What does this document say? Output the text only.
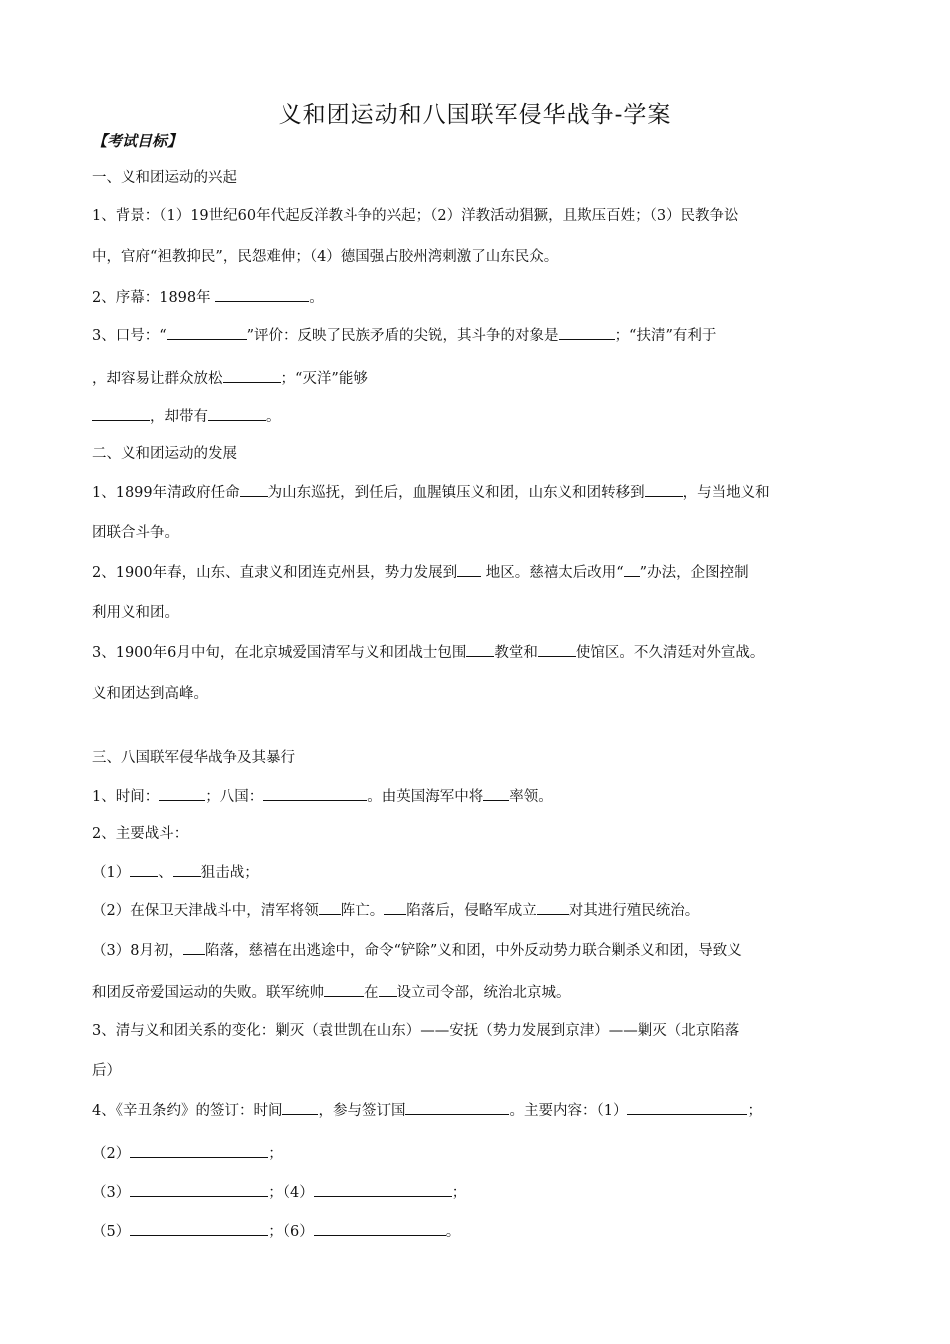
义和团运动和八国联军侵华战争-学案
【考试目标】
一、义和团运动的兴起
1、背景：（1）19世纪60年代起反洋教斗争的兴起；（2）洋教活动猖獗，且欺压百姓；（3）民教争讼
中，官府“袒教抑民”，民怨难伸；（4）德国强占胶州湾刺激了山东民众。
2、序幕：1898年	。
3、口号：“	”评价：反映了民族矛盾的尖锐，其斗争的对象是	；“扶清”有利于
，却容易让群众放松	；“灭洋”能够
，却带有	。
二、义和团运动的发展
1、1899年清政府任命 为山东巡抚，到任后，血腥镇压义和团，山东义和团转移到	，与当地义和
团联合斗争。
2、1900年春，山东、直隶义和团连克州县，势力发展到 地区。慈禧太后改用“ ”办法，企图控制
利用义和团。
3、1900年6月中旬，在北京城爱国清军与义和团战士包围 教堂和	使馆区。不久清廷对外宣战。
义和团达到高峰。
三、八国联军侵华战争及其暴行
1、时间：	；八国：	。由英国海军中将 率领。
2、主要战斗：
（1） 、 狙击战；
（2）在保卫天津战斗中，清军将领 阵亡。 陷落后，侵略军成立 对其进行殖民统治。
（3）8月初， 陷落，慈禧在出逃途中，命令“铲除”义和团，中外反动势力联合剿杀义和团，导致义
和团反帝爱国运动的失败。联军统帅	在 设立司令部，统治北京城。
3、清与义和团关系的变化：剿灭（袁世凯在山东）——安抚（势力发展到京津）——剿灭（北京陷落
后）
4、《辛丑条约》的签订：时间 ，参与签订国	。主要内容：（1）	；
（2）	；
（3）	；（4）	；
（5）	；（6）	。
